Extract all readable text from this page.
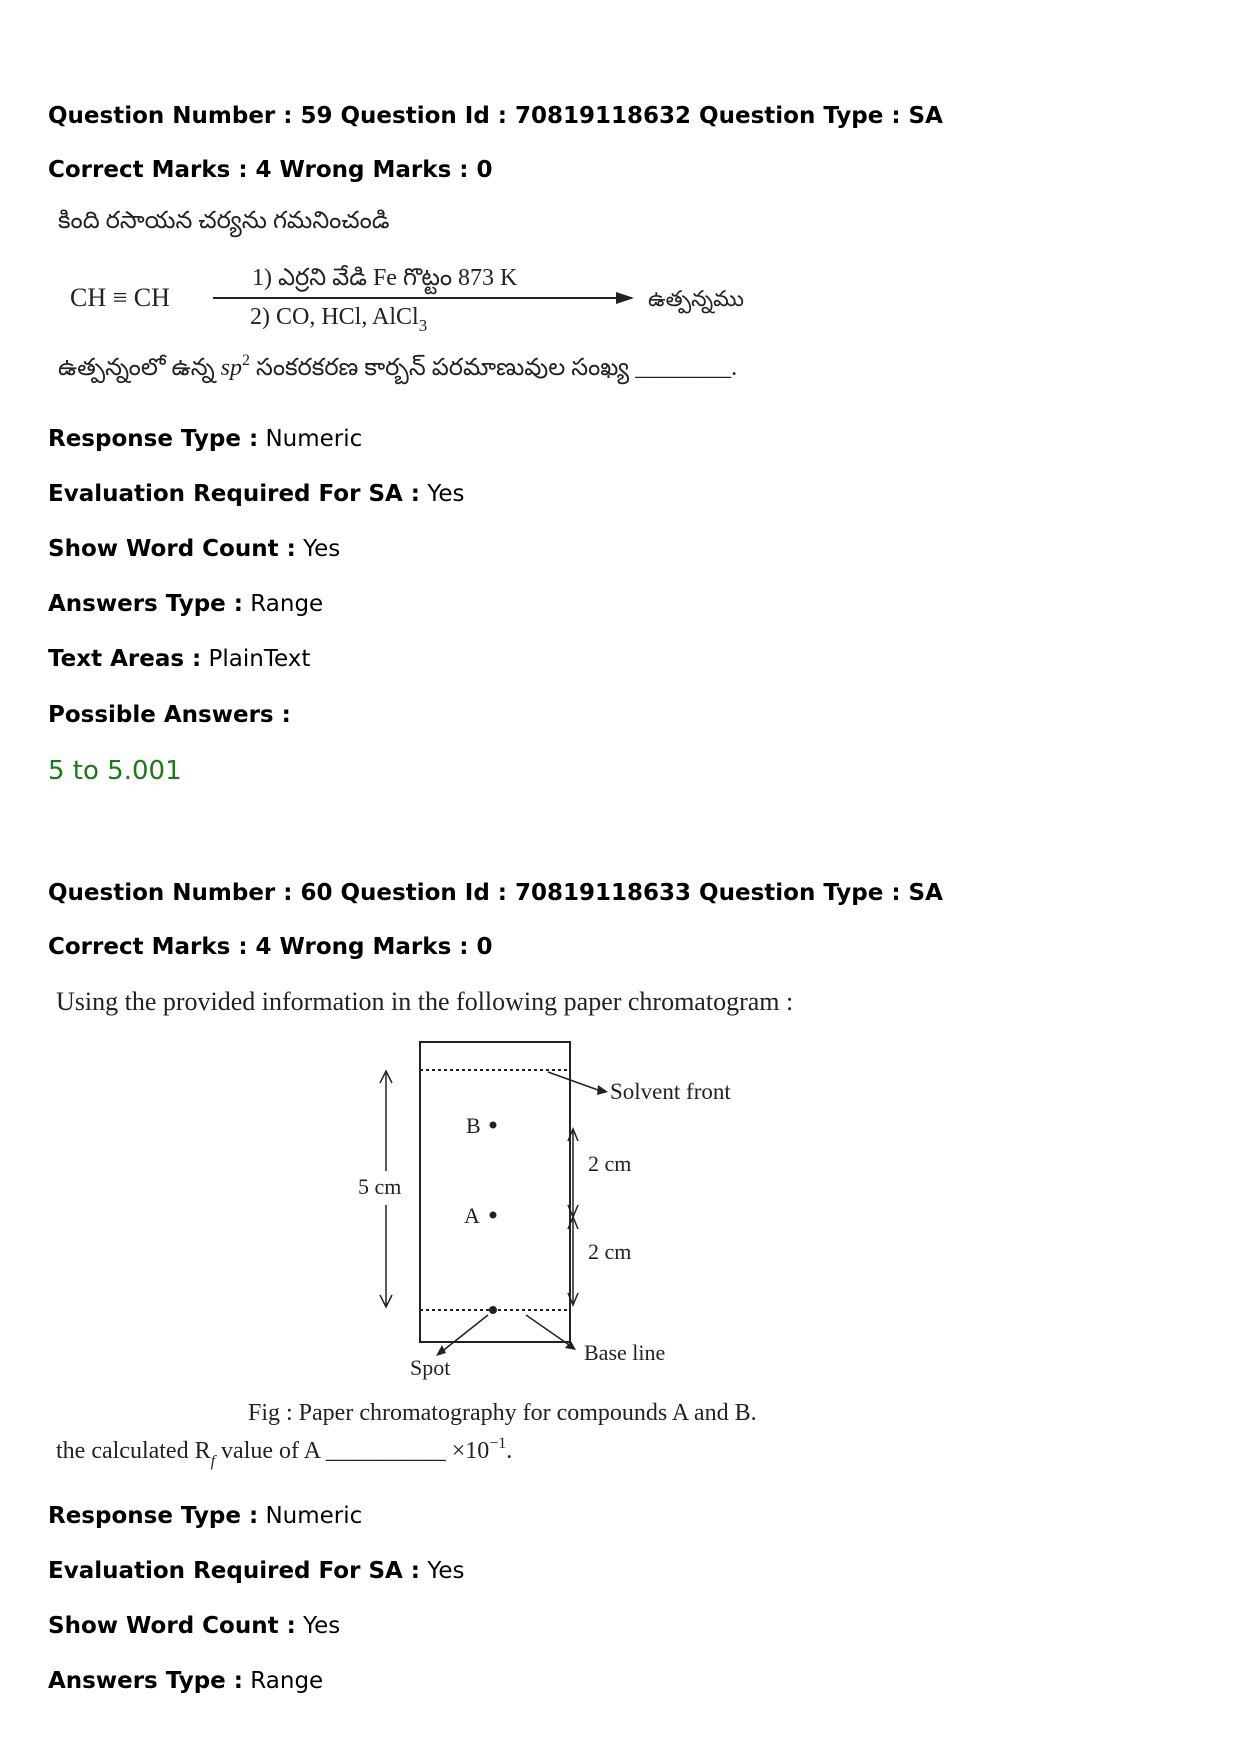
Question Number : 59 Question Id : 70819118632 Question Type : SA
Correct Marks : 4 Wrong Marks : 0
కింది రసాయన చర్యను గమనించండి
CH ≡ CH
1) ఎర్రని వేడి Fe గొట్టం 873 K
2) CO, HCl, AlCl$_3$
ఉత్పన్నము
ఉత్పన్నంలో ఉన్న $sp^2$ సంకరకరణ కార్బన్ పరమాణువుల సంఖ్య ________.
Response Type : Numeric
Evaluation Required For SA : Yes
Show Word Count : Yes
Answers Type : Range
Text Areas : PlainText
Possible Answers :
5 to 5.001
Question Number : 60 Question Id : 70819118633 Question Type : SA
Correct Marks : 4 Wrong Marks : 0
Using the provided information in the following paper chromatogram :
B
A
Solvent front
5 cm
2 cm
2 cm
Spot
Base line
Fig : Paper chromatography for compounds A and B.
the calculated $R_f$ value of A __________ $\times 10^{-1}$.
Response Type : Numeric
Evaluation Required For SA : Yes
Show Word Count : Yes
Answers Type : Range
